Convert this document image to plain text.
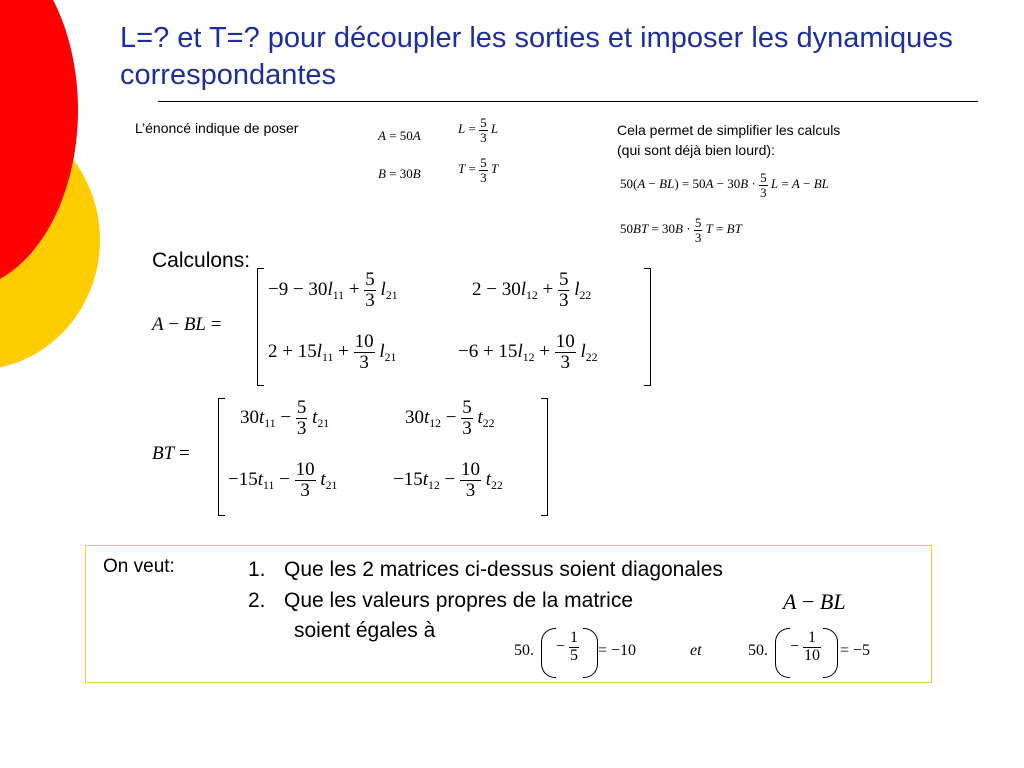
L=? et T=? pour découpler les sorties et imposer les dynamiques correspondantes
L’énoncé indique de poser	A = 50A
B = 30B
$L = \frac{5}{3}$ L
$T = \frac{5}{3}$ T
Cela permet de simplifier les calculs
(qui sont déjà bien lourd):
$50(A - BL) = 50A - 30B \cdot \frac{5}{3}$ L = A − BL
$50BT = 30B \cdot \frac{5}{3}$ T = BT
Calculons:
A − BL =
$-9 - 30l_{11} + \frac{5}{3} l_{21}$	$2 - 30l_{12} + \frac{5}{3} l_{22}$
$2 + 15l_{11} + \frac{10}{3} l_{21}$	$-6 + 15l_{12} + \frac{10}{3} l_{22}$
BT =
$30t_{11} - \frac{5}{3} t_{21}$	$30t_{12} - \frac{5}{3} t_{22}$
$-15t_{11} - \frac{10}{3} t_{21}$	$-15t_{12} - \frac{10}{3} t_{22}$
On veut:	1. Que les 2 matrices ci-dessus soient diagonales
2. Que les valeurs propres de la matrice	A − BL
soient égales à
50. − $\frac{1}{5} = -10$	et	50. − $\frac{1}{10} = -5$
